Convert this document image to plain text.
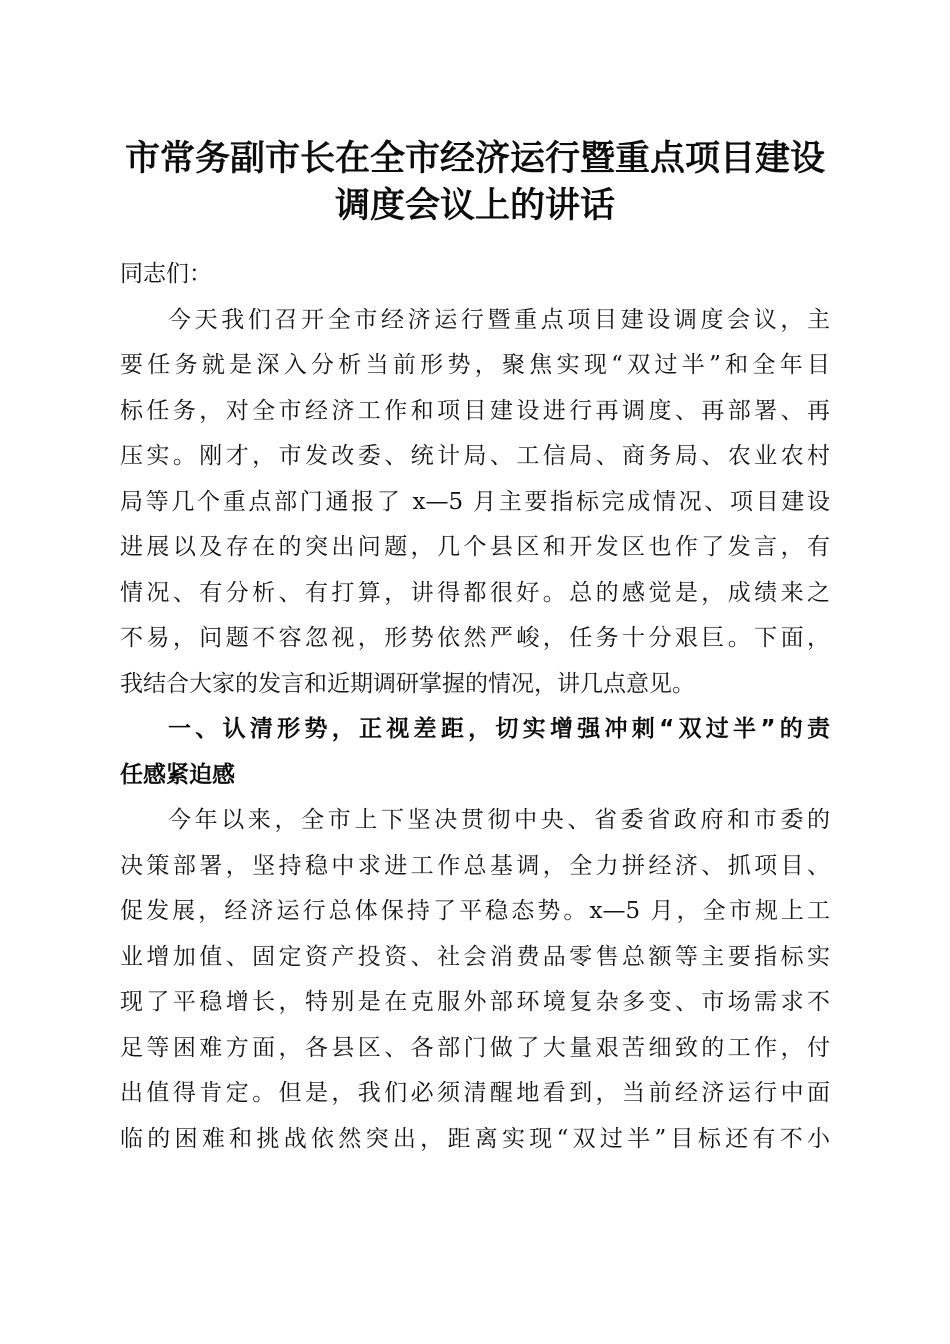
市常务副市长在全市经济运行暨重点项目建设
调度会议上的讲话
同志们：
今天我们召开全市经济运行暨重点项目建设调度会议，主
要任务就是深入分析当前形势，聚焦实现“双过半”和全年目
标任务，对全市经济工作和项目建设进行再调度、再部署、再
压实。刚才，市发改委、统计局、工信局、商务局、农业农村
局等几个重点部门通报了 x—5 月主要指标完成情况、项目建设
进展以及存在的突出问题，几个县区和开发区也作了发言，有
情况、有分析、有打算，讲得都很好。总的感觉是，成绩来之
不易，问题不容忽视，形势依然严峻，任务十分艰巨。下面，
我结合大家的发言和近期调研掌握的情况，讲几点意见。
一、认清形势，正视差距，切实增强冲刺“双过半”的责
任感紧迫感
今年以来，全市上下坚决贯彻中央、省委省政府和市委的
决策部署，坚持稳中求进工作总基调，全力拼经济、抓项目、
促发展，经济运行总体保持了平稳态势。x—5 月，全市规上工
业增加值、固定资产投资、社会消费品零售总额等主要指标实
现了平稳增长，特别是在克服外部环境复杂多变、市场需求不
足等困难方面，各县区、各部门做了大量艰苦细致的工作，付
出值得肯定。但是，我们必须清醒地看到，当前经济运行中面
临的困难和挑战依然突出，距离实现“双过半”目标还有不小
